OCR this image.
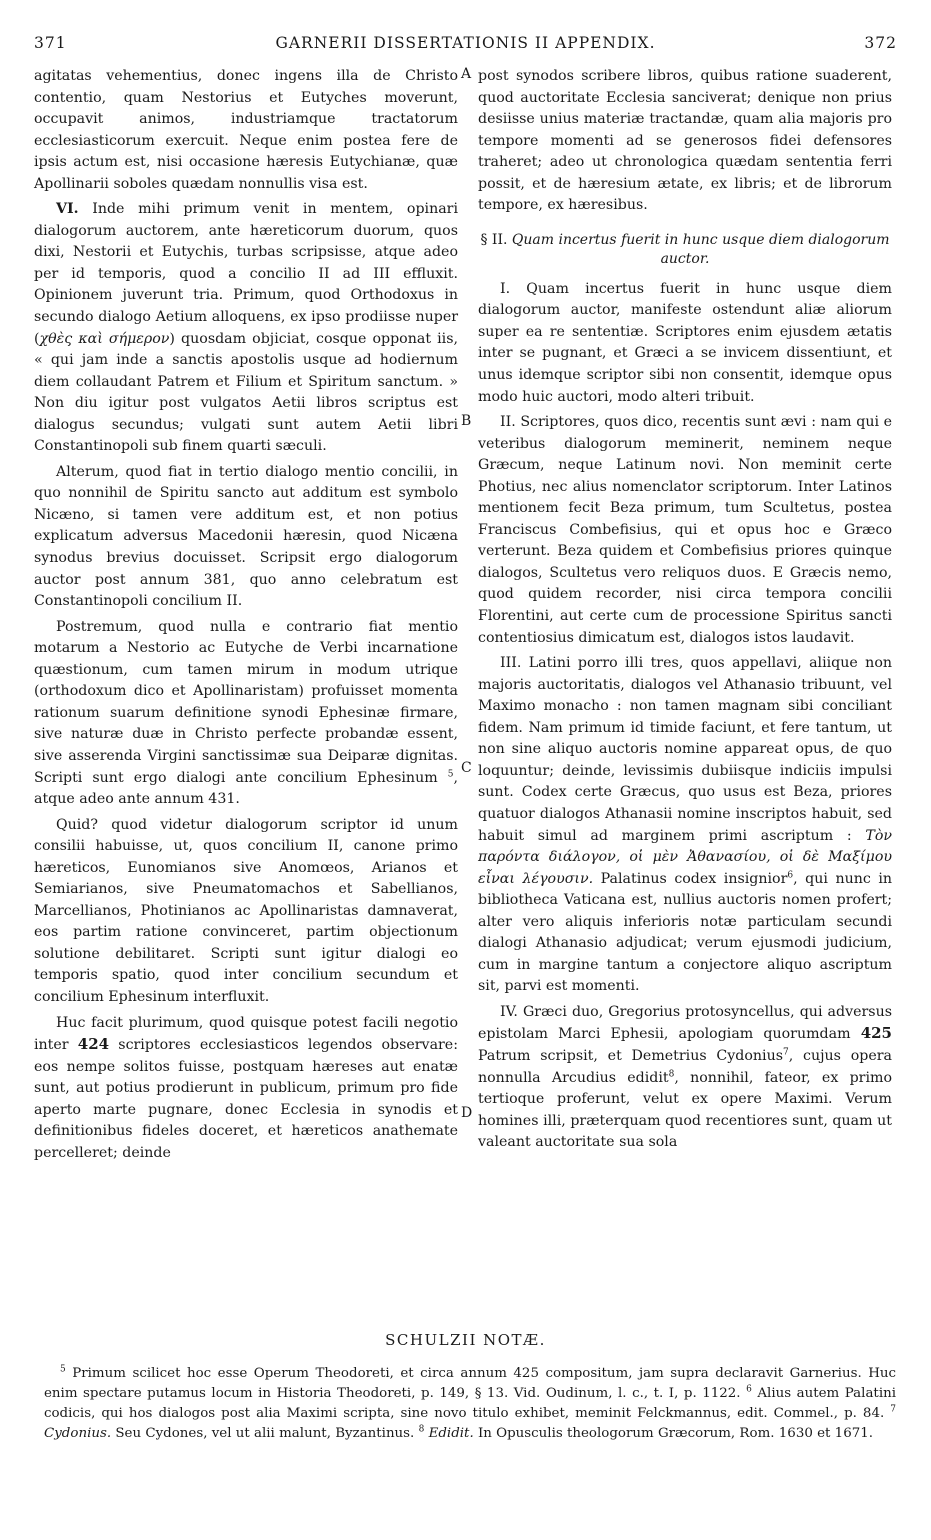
371	GARNERII DISSERTATIONIS II APPENDIX.	372
A
B
C
D

agitatas vehementius, donec ingens illa de Christo contentio, quam Nestorius et Eutyches moverunt, occupavit animos, industriamque tractatorum ecclesiasticorum exercuit. Neque enim postea fere de ipsis actum est, nisi occasione hæresis Eutychianæ, quæ Apollinarii soboles quædam nonnullis visa est.

VI. Inde mihi primum venit in mentem, opinari dialogorum auctorem, ante hæreticorum duorum, quos dixi, Nestorii et Eutychis, turbas scripsisse, atque adeo per id temporis, quod a concilio II ad III effluxit. Opinionem juverunt tria. Primum, quod Orthodoxus in secundo dialogo Aetium alloquens, ex ipso prodiisse nuper (χθὲς καὶ σήμερον) quosdam objiciat, cosque opponat iis, « qui jam inde a sanctis apostolis usque ad hodiernum diem collaudant Patrem et Filium et Spiritum sanctum. » Non diu igitur post vulgatos Aetii libros scriptus est dialogus secundus; vulgati sunt autem Aetii libri Constantinopoli sub finem quarti sæculi.

Alterum, quod fiat in tertio dialogo mentio concilii, in quo nonnihil de Spiritu sancto aut additum est symbolo Nicæno, si tamen vere additum est, et non potius explicatum adversus Macedonii hæresin, quod Nicæna synodus brevius docuisset. Scripsit ergo dialogorum auctor post annum 381, quo anno celebratum est Constantinopoli concilium II.

Postremum, quod nulla e contrario fiat mentio motarum a Nestorio ac Eutyche de Verbi incarnatione quæstionum, cum tamen mirum in modum utrique (orthodoxum dico et Apollinaristam) profuisset momenta rationum suarum definitione synodi Ephesinæ firmare, sive naturæ duæ in Christo perfecte probandæ essent, sive asserenda Virgini sanctissimæ sua Deiparæ dignitas. Scripti sunt ergo dialogi ante concilium Ephesinum $^5$, atque adeo ante annum 431.

Quid? quod videtur dialogorum scriptor id unum consilii habuisse, ut, quos concilium II, canone primo hæreticos, Eunomianos sive Anomœos, Arianos et Semiarianos, sive Pneumatomachos et Sabellianos, Marcellianos, Photinianos ac Apollinaristas damnaverat, eos partim ratione convinceret, partim objectionum solutione debilitaret. Scripti sunt igitur dialogi eo temporis spatio, quod inter concilium secundum et concilium Ephesinum interfluxit.

Huc facit plurimum, quod quisque potest facili negotio inter 424 scriptores ecclesiasticos legendos observare: eos nempe solitos fuisse, postquam hæreses aut enatæ sunt, aut potius prodierunt in publicum, primum pro fide aperto marte pugnare, donec Ecclesia in synodis et definitionibus fideles doceret, et hæreticos anathemate percelleret; deinde

post synodos scribere libros, quibus ratione suaderent, quod auctoritate Ecclesia sanciverat; denique non prius desiisse unius materiæ tractandæ, quam alia majoris pro tempore momenti ad se generosos fidei defensores traheret; adeo ut chronologica quædam sententia ferri possit, et de hæresium ætate, ex libris; et de librorum tempore, ex hæresibus.

§ II. Quam incertus fuerit in hunc usque diem dialogorum auctor.

I. Quam incertus fuerit in hunc usque diem dialogorum auctor, manifeste ostendunt aliæ aliorum super ea re sententiæ. Scriptores enim ejusdem ætatis inter se pugnant, et Græci a se invicem dissentiunt, et unus idemque scriptor sibi non consentit, idemque opus modo huic auctori, modo alteri tribuit.

II. Scriptores, quos dico, recentis sunt ævi : nam qui e veteribus dialogorum meminerit, neminem neque Græcum, neque Latinum novi. Non meminit certe Photius, nec alius nomenclator scriptorum. Inter Latinos mentionem fecit Beza primum, tum Scultetus, postea Franciscus Combefisius, qui et opus hoc e Græco verterunt. Beza quidem et Combefisius priores quinque dialogos, Scultetus vero reliquos duos. E Græcis nemo, quod quidem recorder, nisi circa tempora concilii Florentini, aut certe cum de processione Spiritus sancti contentiosius dimicatum est, dialogos istos laudavit.

III. Latini porro illi tres, quos appellavi, aliique non majoris auctoritatis, dialogos vel Athanasio tribuunt, vel Maximo monacho : non tamen magnam sibi conciliant fidem. Nam primum id timide faciunt, et fere tantum, ut non sine aliquo auctoris nomine appareat opus, de quo loquuntur; deinde, levissimis dubiisque indiciis impulsi sunt. Codex certe Græcus, quo usus est Beza, priores quatuor dialogos Athanasii nomine inscriptos habuit, sed habuit simul ad marginem primi ascriptum : Τὸν παρόντα διάλογον, οἱ μὲν Ἀθανασίου, οἱ δὲ Μαξίμου εἶναι λέγουσιν. Palatinus codex insignior$^6$, qui nunc in bibliotheca Vaticana est, nullius auctoris nomen profert; alter vero aliquis inferioris notæ particulam secundi dialogi Athanasio adjudicat; verum ejusmodi judicium, cum in margine tantum a conjectore aliquo ascriptum sit, parvi est momenti.

IV. Græci duo, Gregorius protosyncellus, qui adversus epistolam Marci Ephesii, apologiam quorumdam 425 Patrum scripsit, et Demetrius Cydonius$^7$, cujus opera nonnulla Arcudius edidit$^8$, nonnihil, fateor, ex primo tertioque proferunt, velut ex opere Maximi. Verum homines illi, præterquam quod recentiores sunt, quam ut valeant auctoritate sua sola

SCHULZII NOTÆ.

$^5$ Primum scilicet hoc esse Operum Theodoreti, et circa annum 425 compositum, jam supra declaravit Garnerius. Huc enim spectare putamus locum in Historia Theodoreti, p. 149, § 13. Vid. Oudinum, l. c., t. I, p. 1122. $^6$ Alius autem Palatini codicis, qui hos dialogos post alia Maximi scripta, sine novo titulo exhibet, meminit Felckmannus, edit. Commel., p. 84. $^7$ Cydonius. Seu Cydones, vel ut alii malunt, Byzantinus. $^8$ Edidit. In Opusculis theologorum Græcorum, Rom. 1630 et 1671.
